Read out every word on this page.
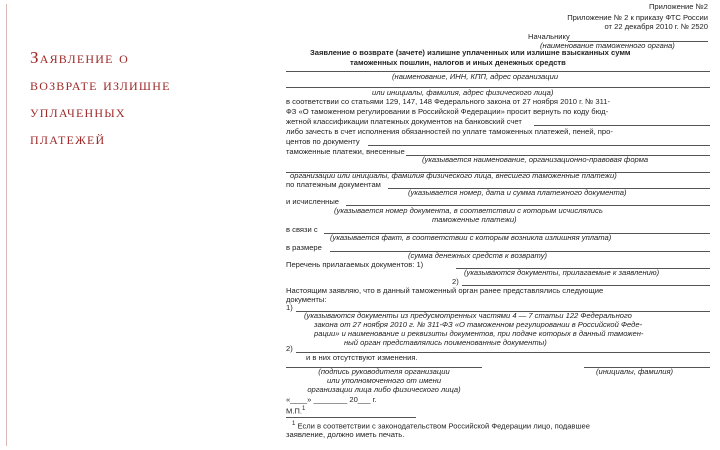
Заявление о
возврате излишне
уплаченных
платежей
Приложение №2
Приложение № 2 к приказу ФТС России
от 22 декабря 2010 г. № 2520
Начальнику
(наименование таможенного органа)
Заявление о возврате (зачете) излишне уплаченных или излишне взысканных сумм
таможенных пошлин, налогов и иных денежных средств
(наименование, ИНН, КПП, адрес организации
или инициалы, фамилия, адрес физического лица)
в соответствии со статьями 129, 147, 148 Федерального закона от 27 ноября 2010 г. № 311-
ФЗ «О таможенном регулировании в Российской Федерации» просит вернуть по коду бюд-
жетной классификации платежных документов на банковский счет
либо зачесть в счет исполнения обязанностей по уплате таможенных платежей, пеней, про-
центов по документу
таможенные платежи, внесенные
(указывается наименование, организационно-правовая форма
организации или инициалы, фамилия физического лица, внесшего таможенные платежи)
по платежным документам
(указывается номер, дата и сумма платежного документа)
и исчисленные
(указывается номер документа, в соответствии с которым исчислялись
таможенные платежи)
в связи с
(указывается факт, в соответствии с которым возникла излишняя уплата)
в размере
(сумма денежных средств к возврату)
Перечень прилагаемых документов: 1)
(указываются документы, прилагаемые к заявлению)
2)
Настоящим заявляю, что в данный таможенный орган ранее представлялись следующие
документы:
1)
(указываются документы из предусмотренных частями 4 — 7 статьи 122 Федерального
закона от 27 ноября 2010 г. № 311-ФЗ «О таможенном регулировании в Российской Феде-
рации» и наименование и реквизиты документов, при подаче которых в данный таможен-
ный орган представлялись поименованные документы)
2)
и в них отсутствуют изменения.
(подпись руководителя организации
или уполномоченного от имени
организации лица либо физического лица)
(инициалы, фамилия)
«____» ________ 20___ г.
М.П.$^1$
$^1$ Если в соответствии с законодательством Российской Федерации лицо, подавшее
заявление, должно иметь печать.
